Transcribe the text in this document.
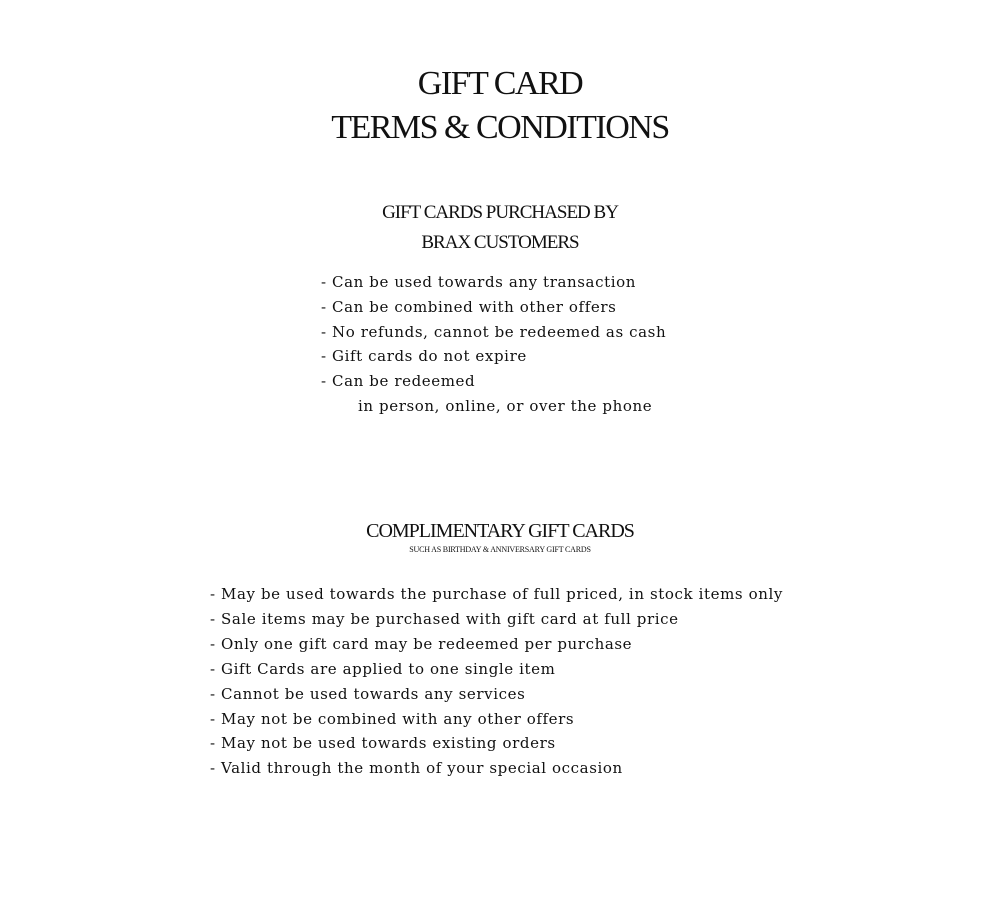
GIFT CARD
TERMS & CONDITIONS
GIFT CARDS PURCHASED BY
BRAX CUSTOMERS
- Can be used towards any transaction
- Can be combined with other offers
- No refunds, cannot be redeemed as cash
- Gift cards do not expire
- Can be redeemed
in person, online, or over the phone
COMPLIMENTARY GIFT CARDS
SUCH AS BIRTHDAY & ANNIVERSARY GIFT CARDS
- May be used towards the purchase of full priced, in stock items only
- Sale items may be purchased with gift card at full price
- Only one gift card may be redeemed per purchase
- Gift Cards are applied to one single item
- Cannot be used towards any services
- May not be combined with any other offers
- May not be used towards existing orders
- Valid through the month of your special occasion
